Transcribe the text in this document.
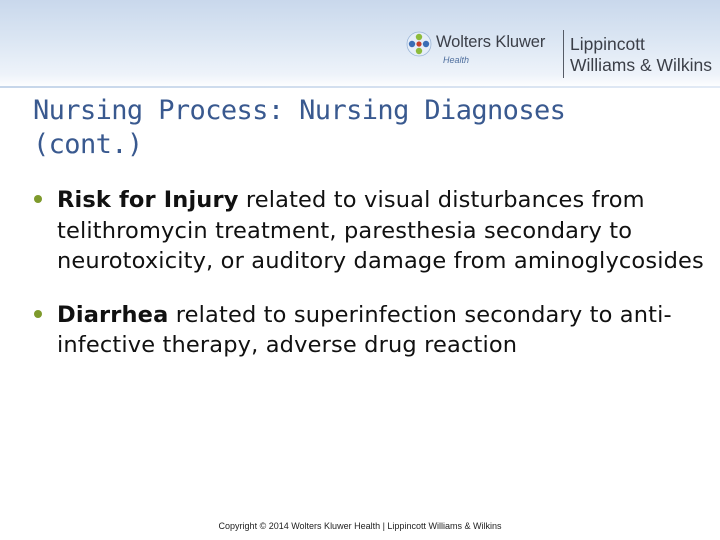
Wolters Kluwer
Health
Lippincott
Williams & Wilkins
Nursing Process: Nursing Diagnoses (cont.)
Risk for Injury related to visual disturbances from telithromycin treatment, paresthesia secondary to neurotoxicity, or auditory damage from aminoglycosides
Diarrhea related to superinfection secondary to anti-infective therapy, adverse drug reaction
Copyright © 2014 Wolters Kluwer Health | Lippincott Williams & Wilkins
